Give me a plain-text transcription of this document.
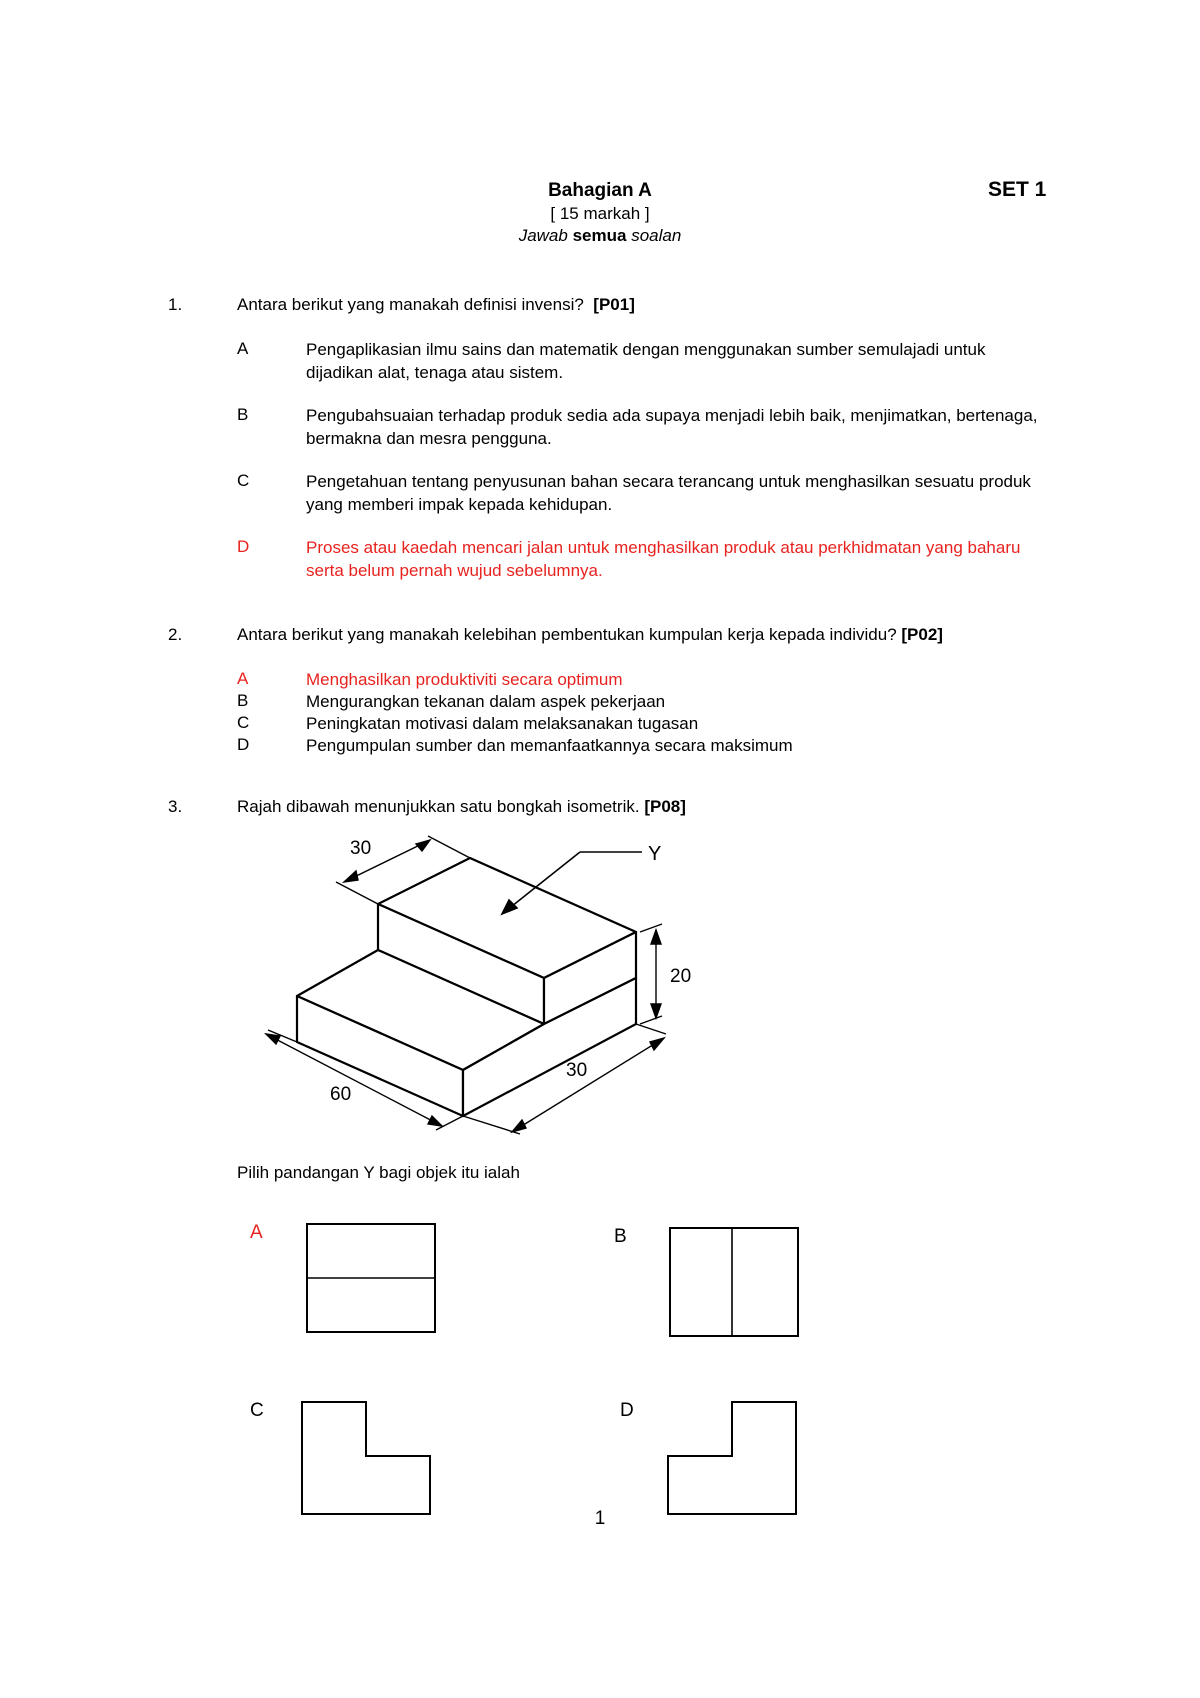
Bahagian A
[ 15 markah ]
Jawab semua soalan
SET 1
1.	Antara berikut yang manakah definisi invensi? [P01]
A	Pengaplikasian ilmu sains dan matematik dengan menggunakan sumber semulajadi untuk dijadikan alat, tenaga atau sistem.
B	Pengubahsuaian terhadap produk sedia ada supaya menjadi lebih baik, menjimatkan, bertenaga, bermakna dan mesra pengguna.
C	Pengetahuan tentang penyusunan bahan secara terancang untuk menghasilkan sesuatu produk yang memberi impak kepada kehidupan.
D	Proses atau kaedah mencari jalan untuk menghasilkan produk atau perkhidmatan yang baharu serta belum pernah wujud sebelumnya.
2.	Antara berikut yang manakah kelebihan pembentukan kumpulan kerja kepada individu? [P02]
A	Menghasilkan produktiviti secara optimum
B	Mengurangkan tekanan dalam aspek pekerjaan
C	Peningkatan motivasi dalam melaksanakan tugasan
D	Pengumpulan sumber dan memanfaatkannya secara maksimum
3.	Rajah dibawah menunjukkan satu bongkah isometrik. [P08]
30
20
60
30
Y
Pilih pandangan Y bagi objek itu ialah
A	B
C	D
1
